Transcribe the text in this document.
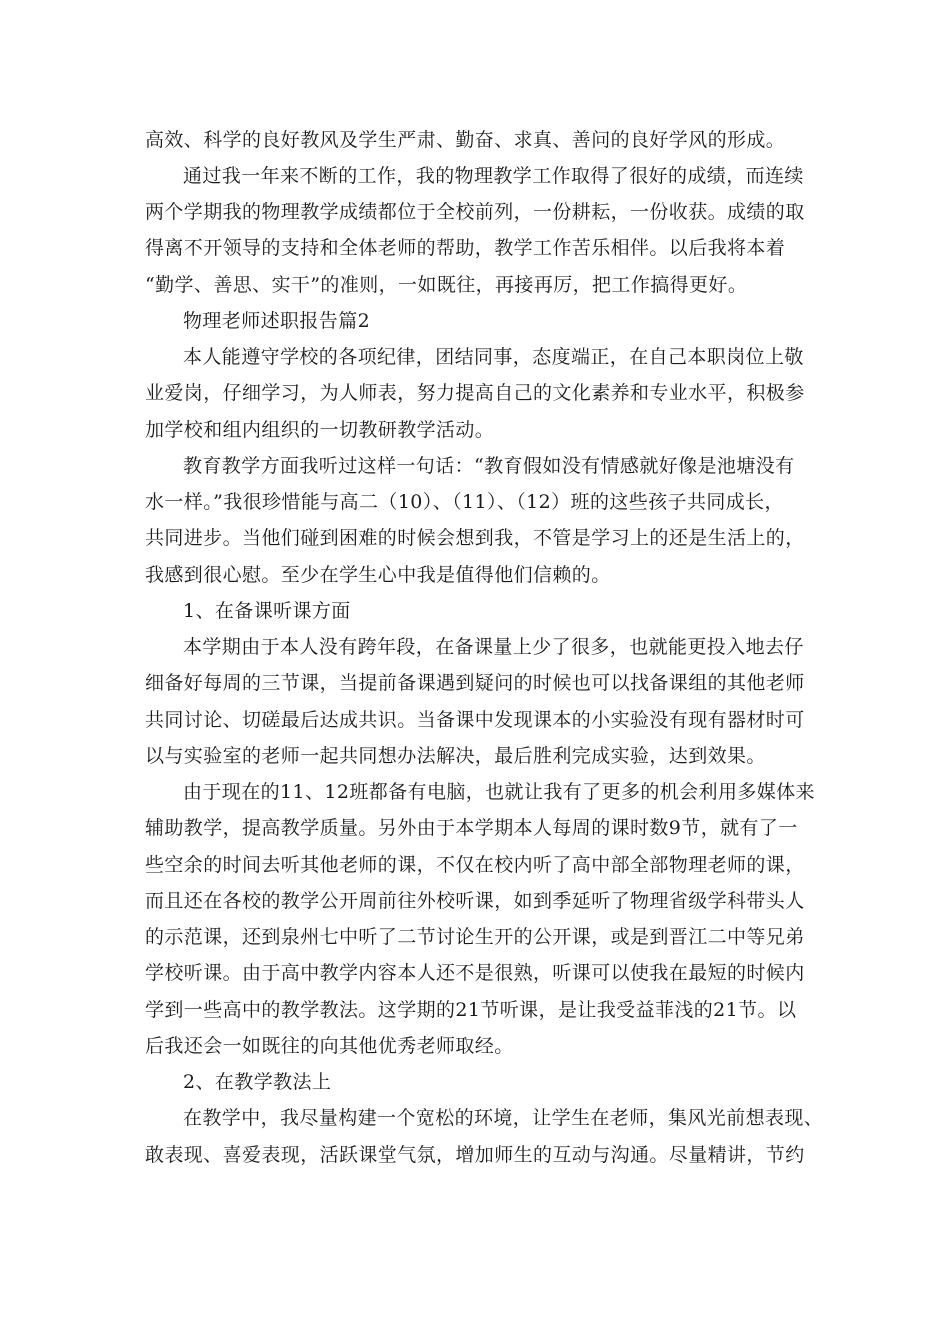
高效、科学的良好教风及学生严肃、勤奋、求真、善问的良好学风的形成。
通过我一年来不断的工作，我的物理教学工作取得了很好的成绩，而连续
两个学期我的物理教学成绩都位于全校前列，一份耕耘，一份收获。成绩的取
得离不开领导的支持和全体老师的帮助，教学工作苦乐相伴。以后我将本着
“勤学、善思、实干”的准则，一如既往，再接再厉，把工作搞得更好。
物理老师述职报告篇2
本人能遵守学校的各项纪律，团结同事，态度端正，在自己本职岗位上敬
业爱岗，仔细学习，为人师表，努力提高自己的文化素养和专业水平，积极参
加学校和组内组织的一切教研教学活动。
教育教学方面我听过这样一句话：“教育假如没有情感就好像是池塘没有
水一样。”我很珍惜能与高二（10）、（11）、（12）班的这些孩子共同成长，
共同进步。当他们碰到困难的时候会想到我，不管是学习上的还是生活上的，
我感到很心慰。至少在学生心中我是值得他们信赖的。
1、在备课听课方面
本学期由于本人没有跨年段，在备课量上少了很多，也就能更投入地去仔
细备好每周的三节课，当提前备课遇到疑问的时候也可以找备课组的其他老师
共同讨论、切磋最后达成共识。当备课中发现课本的小实验没有现有器材时可
以与实验室的老师一起共同想办法解决，最后胜利完成实验，达到效果。
由于现在的11、12班都备有电脑，也就让我有了更多的机会利用多媒体来
辅助教学，提高教学质量。另外由于本学期本人每周的课时数9节，就有了一
些空余的时间去听其他老师的课，不仅在校内听了高中部全部物理老师的课，
而且还在各校的教学公开周前往外校听课，如到季延听了物理省级学科带头人
的示范课，还到泉州七中听了二节讨论生开的公开课，或是到晋江二中等兄弟
学校听课。由于高中教学内容本人还不是很熟，听课可以使我在最短的时候内
学到一些高中的教学教法。这学期的21节听课，是让我受益菲浅的21节。以
后我还会一如既往的向其他优秀老师取经。
2、在教学教法上
在教学中，我尽量构建一个宽松的环境，让学生在老师，集风光前想表现、
敢表现、喜爱表现，活跃课堂气氛，增加师生的互动与沟通。尽量精讲，节约
